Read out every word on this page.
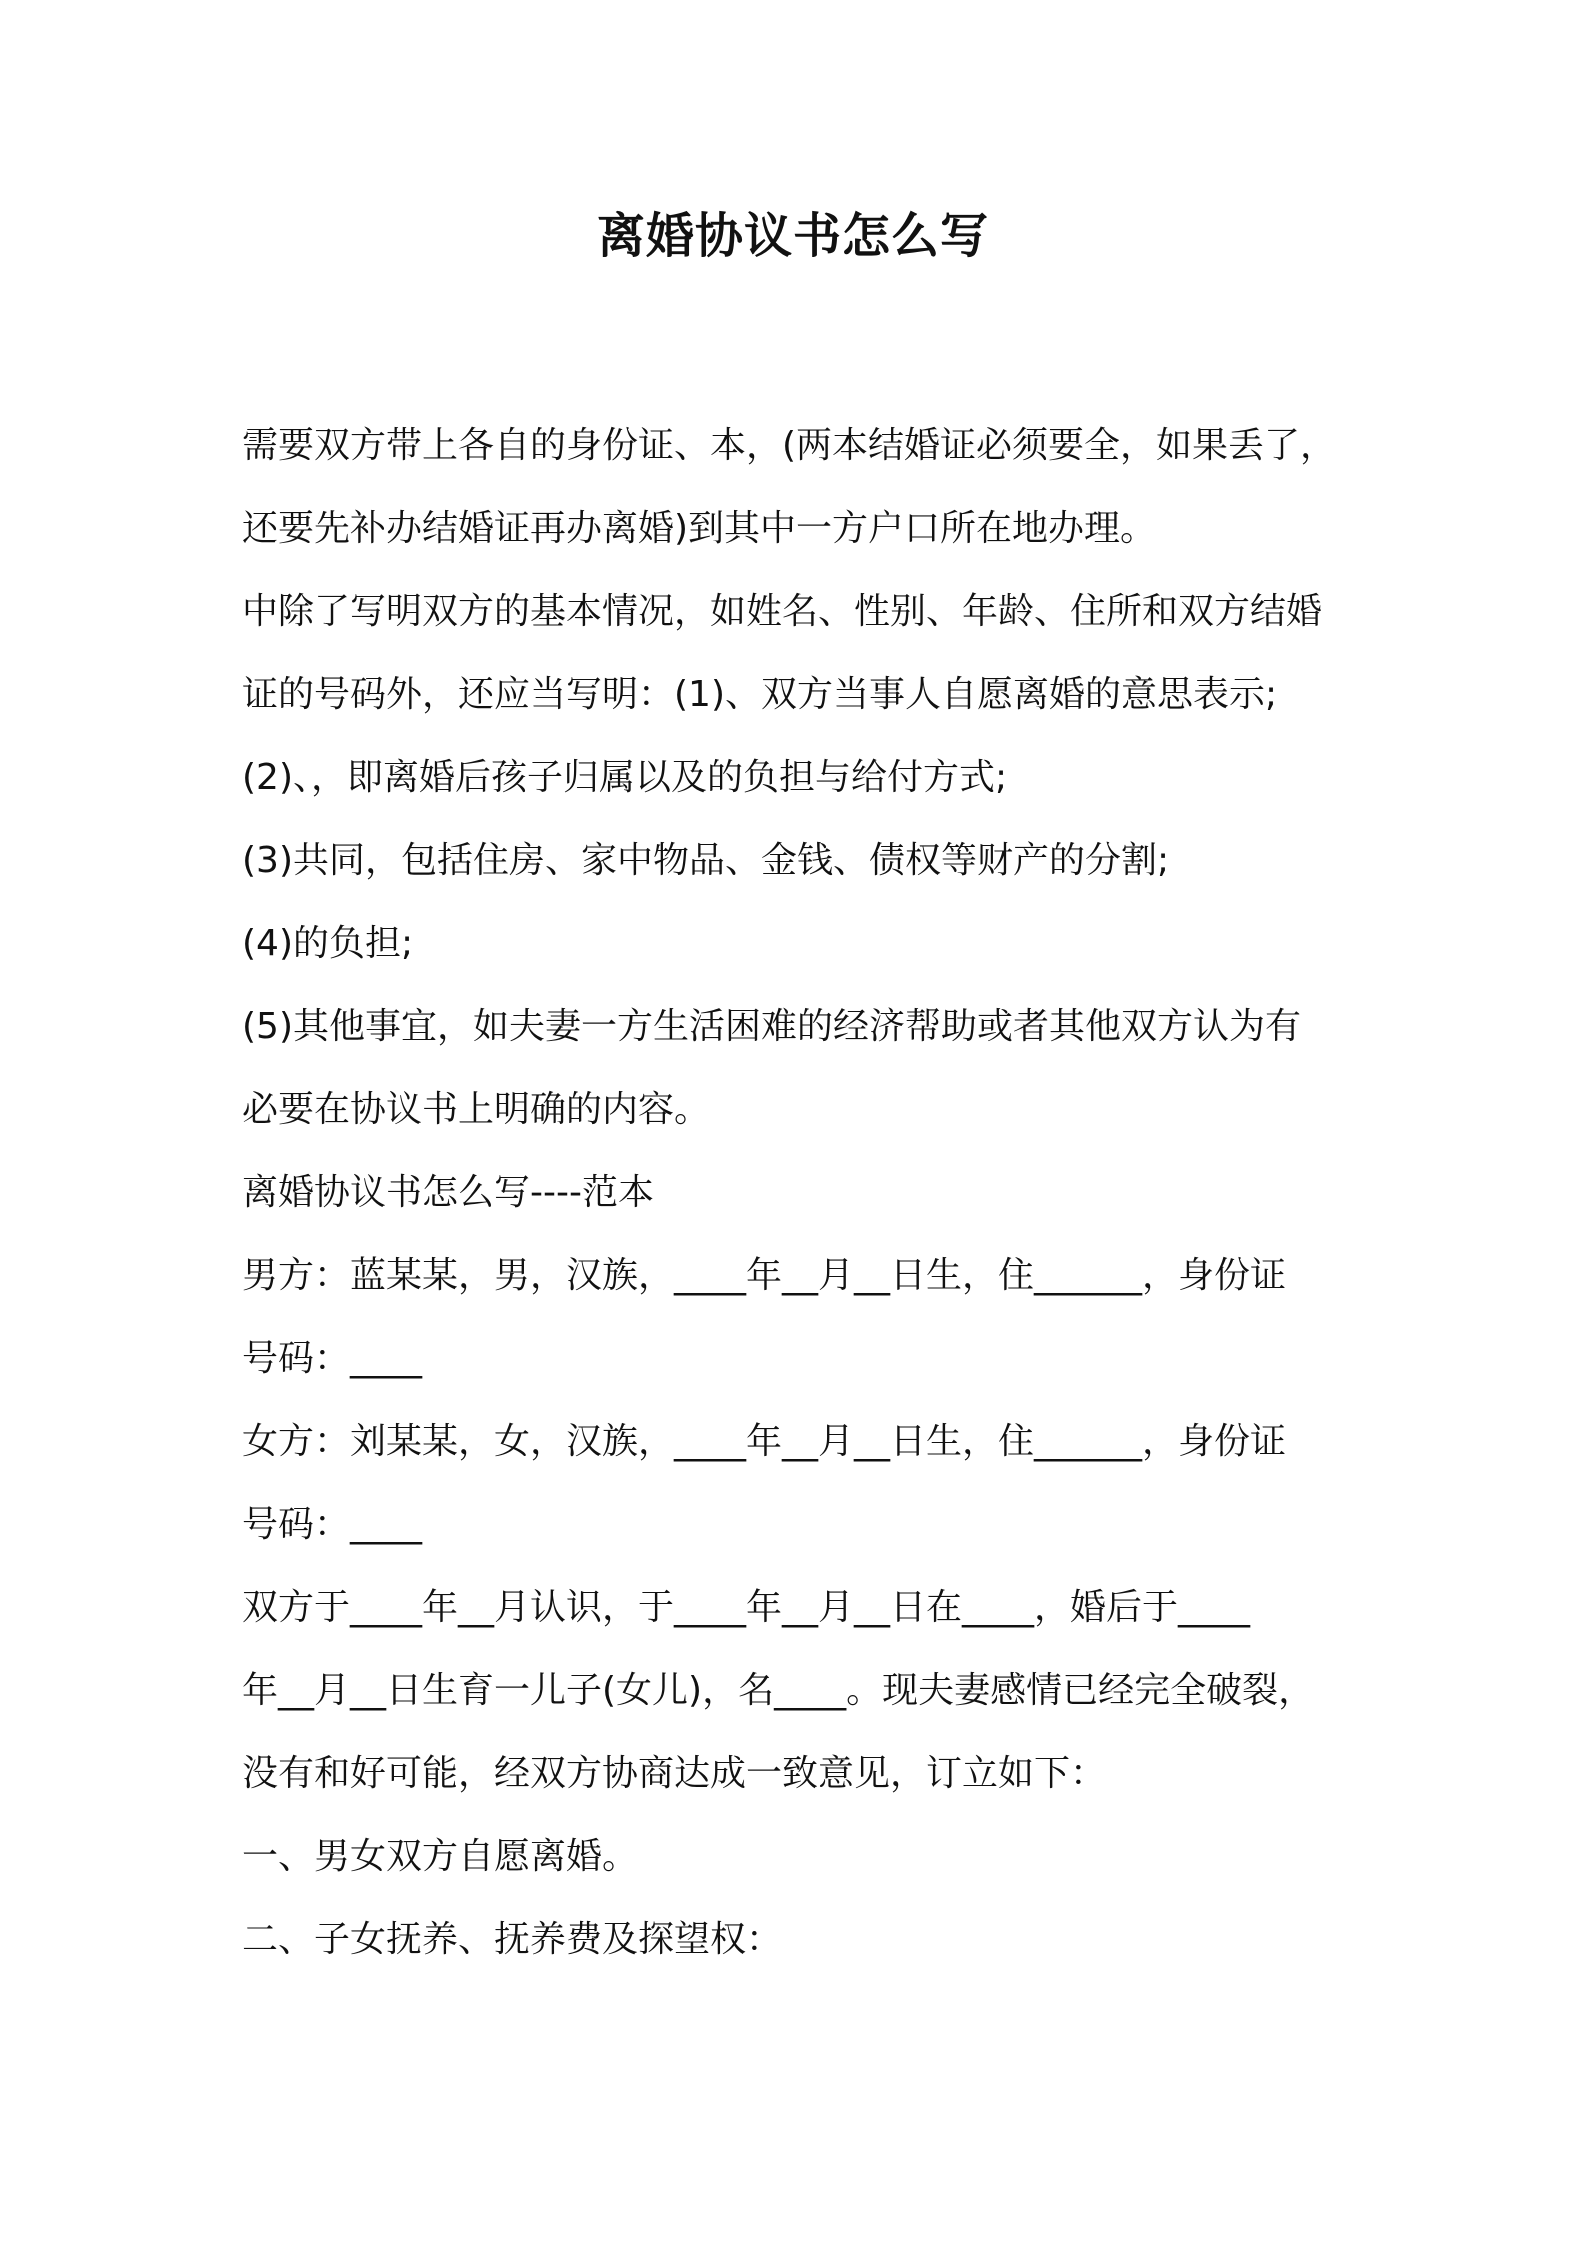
离婚协议书怎么写
需要双方带上各自的身份证、本，(两本结婚证必须要全，如果丢了，
还要先补办结婚证再办离婚)到其中一方户口所在地办理。
中除了写明双方的基本情况，如姓名、性别、年龄、住所和双方结婚
证的号码外，还应当写明：(1)、双方当事人自愿离婚的意思表示;
(2)、，即离婚后孩子归属以及的负担与给付方式;
(3)共同，包括住房、家中物品、金钱、债权等财产的分割;
(4)的负担;
(5)其他事宜，如夫妻一方生活困难的经济帮助或者其他双方认为有
必要在协议书上明确的内容。
离婚协议书怎么写----范本
男方：蓝某某，男，汉族，____年__月__日生，住______，身份证
号码：____
女方：刘某某，女，汉族，____年__月__日生，住______，身份证
号码：____
双方于____年__月认识，于____年__月__日在____，婚后于____
年__月__日生育一儿子(女儿)，名____。现夫妻感情已经完全破裂，
没有和好可能，经双方协商达成一致意见，订立如下：
一、男女双方自愿离婚。
二、子女抚养、抚养费及探望权：
